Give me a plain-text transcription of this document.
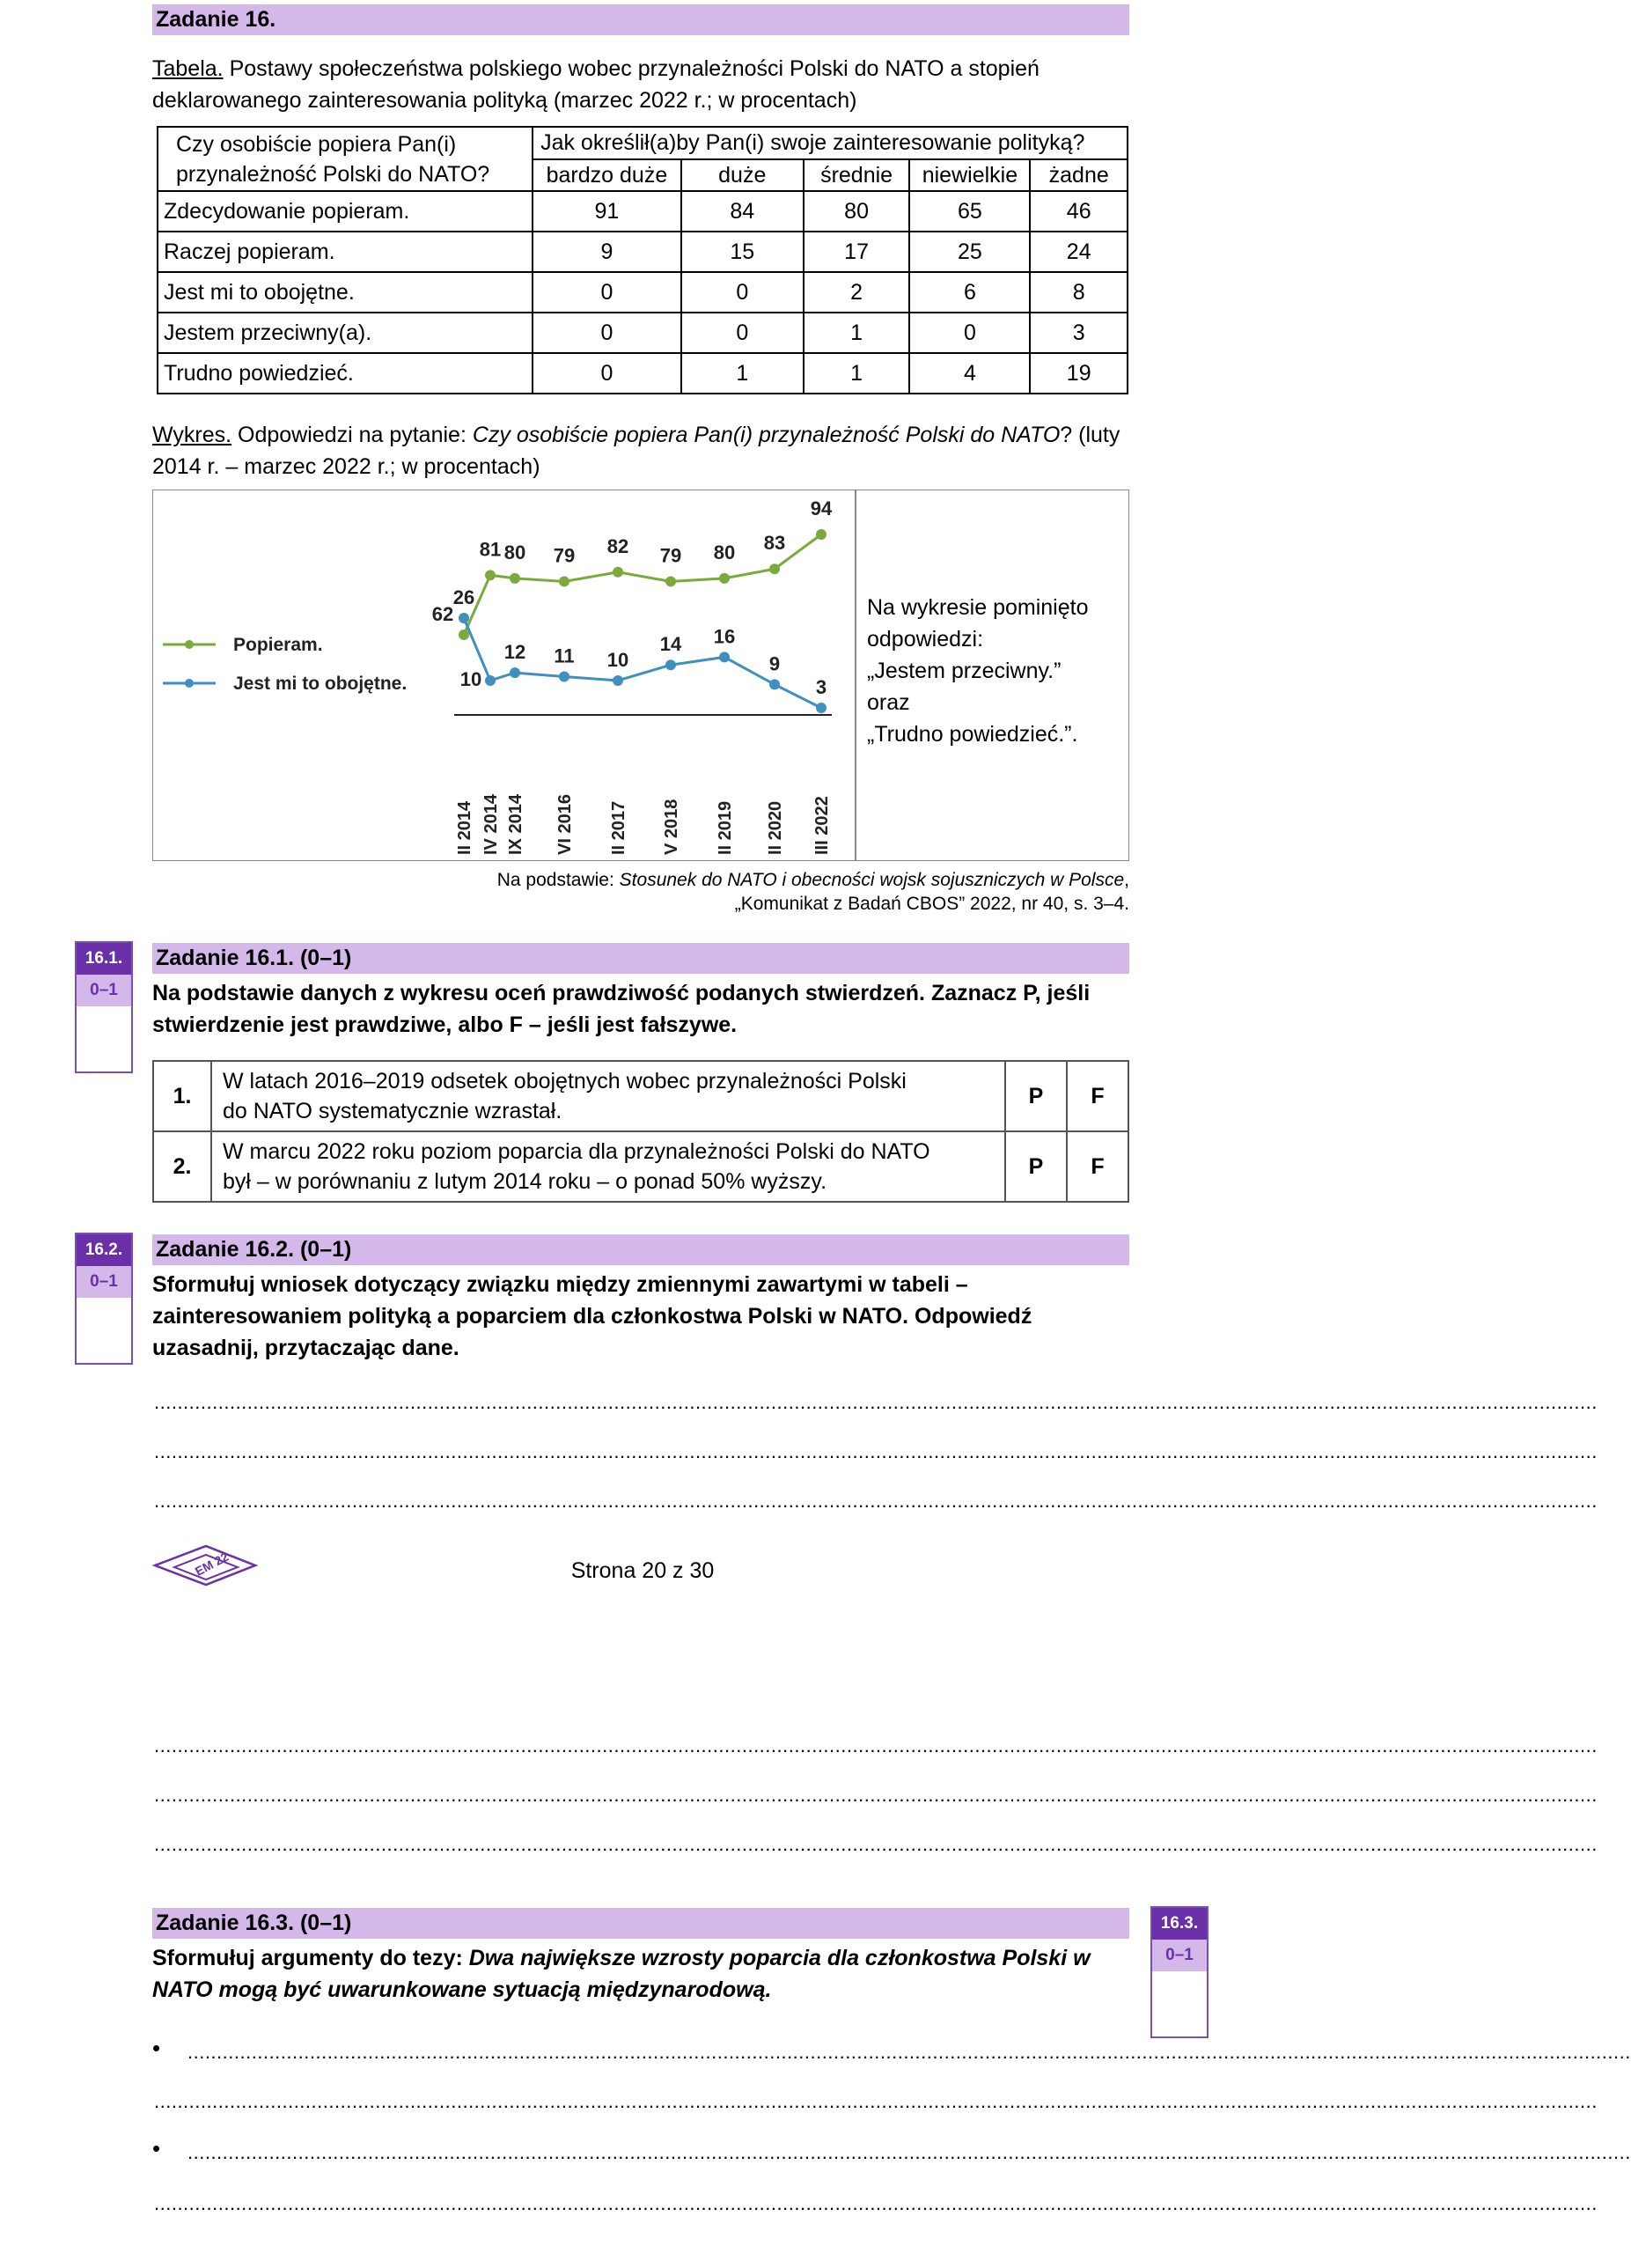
Zadanie 16.
Tabela. Postawy społeczeństwa polskiego wobec przynależności Polski do NATO a stopień deklarowanego zainteresowania polityką (marzec 2022 r.; w procentach)
Czy osobiście popiera Pan(i) przynależność Polski do NATO?	Jak określił(a)by Pan(i) swoje zainteresowanie polityką?				
	bardzo duże	duże	średnie	niewielkie	żadne
Zdecydowanie popieram.	91	84	80	65	46
Raczej popieram.	9	15	17	25	24
Jest mi to obojętne.	0	0	2	6	8
Jestem przeciwny(a).	0	0	1	0	3
Trudno powiedzieć.	0	1	1	4	19
Wykres. Odpowiedzi na pytanie: Czy osobiście popiera Pan(i) przynależność Polski do NATO? (luty 2014 r. – marzec 2022 r.; w procentach)
62
81 80 79 82 79 80 83
94
26
10
12 11 10
14 16
9
3
Popieram.
Jest mi to obojętne.
II 2014 IV 2014 IX 2014 VI 2016 II 2017 V 2018 II 2019 II 2020 III 2022
Na wykresie pominięto
odpowiedzi:
„Jestem przeciwny.”
oraz
„Trudno powiedzieć.”.
Na podstawie: Stosunek do NATO i obecności wojsk sojuszniczych w Polsce,
„Komunikat z Badań CBOS” 2022, nr 40, s. 3–4.
16.1.
0–1
Zadanie 16.1. (0–1)
Na podstawie danych z wykresu oceń prawdziwość podanych stwierdzeń. Zaznacz P, jeśli stwierdzenie jest prawdziwe, albo F – jeśli jest fałszywe.
1.	W latach 2016–2019 odsetek obojętnych wobec przynależności Polski
do NATO systematycznie wzrastał.	P	F
2.	W marcu 2022 roku poziom poparcia dla przynależności Polski do NATO
był – w porównaniu z lutym 2014 roku – o ponad 50% wyższy.	P	F
16.2.
0–1
Zadanie 16.2. (0–1)
Sformułuj wniosek dotyczący związku między zmiennymi zawartymi w tabeli – zainteresowaniem polityką a poparciem dla członkostwa Polski w NATO. Odpowiedź uzasadnij, przytaczając dane.
........................................................................................................................................................................................................................................................
........................................................................................................................................................................................................................................................
........................................................................................................................................................................................................................................................
EM 22	Strona 20 z 30
........................................................................................................................................................................................................................................................
........................................................................................................................................................................................................................................................
........................................................................................................................................................................................................................................................
Zadanie 16.3. (0–1)
Sformułuj argumenty do tezy: Dwa największe wzrosty poparcia dla członkostwa Polski w NATO mogą być uwarunkowane sytuacją międzynarodową.
16.3.
0–1
• ........................................................................................................................................................................................................................................................
........................................................................................................................................................................................................................................................
• ........................................................................................................................................................................................................................................................
........................................................................................................................................................................................................................................................
